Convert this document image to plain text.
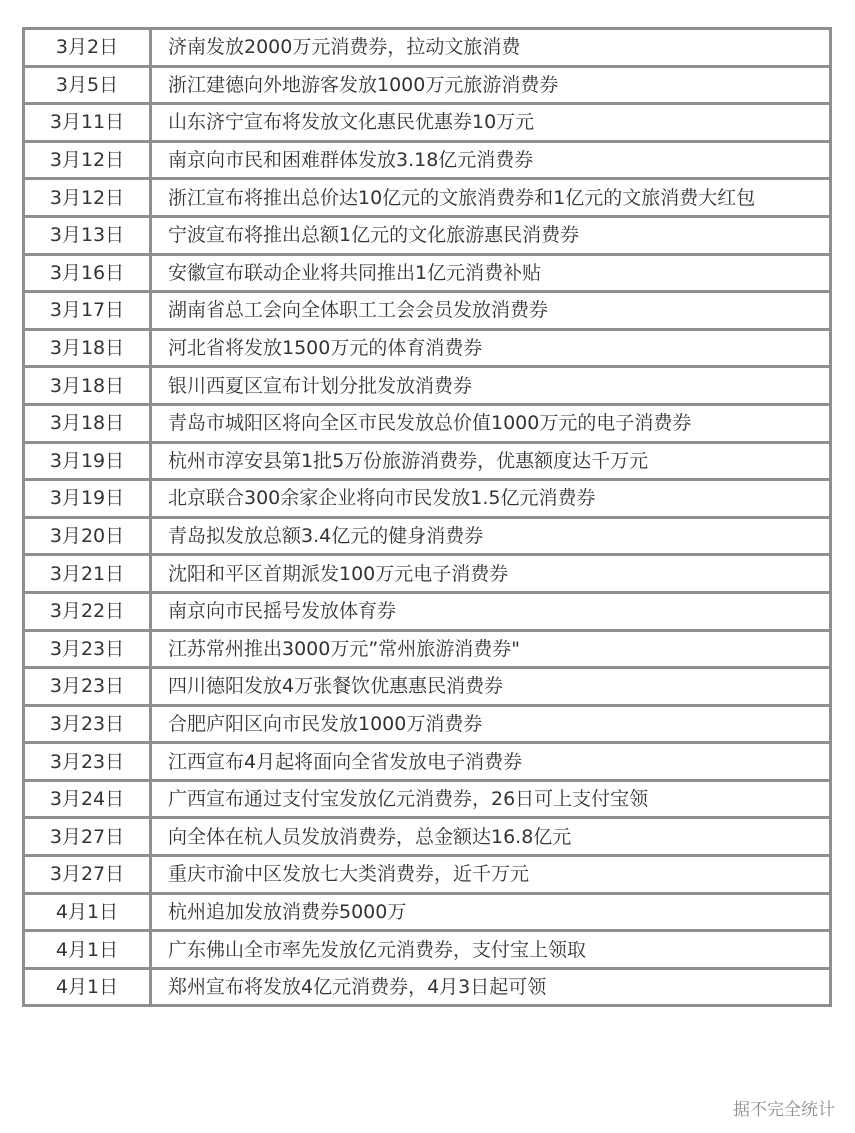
3月2日	济南发放2000万元消费券，拉动文旅消费
3月5日	浙江建德向外地游客发放1000万元旅游消费券
3月11日	山东济宁宣布将发放文化惠民优惠券10万元
3月12日	南京向市民和困难群体发放3.18亿元消费券
3月12日	浙江宣布将推出总价达10亿元的文旅消费券和1亿元的文旅消费大红包
3月13日	宁波宣布将推出总额1亿元的文化旅游惠民消费券
3月16日	安徽宣布联动企业将共同推出1亿元消费补贴
3月17日	湖南省总工会向全体职工工会会员发放消费券
3月18日	河北省将发放1500万元的体育消费券
3月18日	银川西夏区宣布计划分批发放消费券
3月18日	青岛市城阳区将向全区市民发放总价值1000万元的电子消费券
3月19日	杭州市淳安县第1批5万份旅游消费券，优惠额度达千万元
3月19日	北京联合300余家企业将向市民发放1.5亿元消费券
3月20日	青岛拟发放总额3.4亿元的健身消费券
3月21日	沈阳和平区首期派发100万元电子消费券
3月22日	南京向市民摇号发放体育券
3月23日	江苏常州推出3000万元”常州旅游消费券"
3月23日	四川德阳发放4万张餐饮优惠惠民消费券
3月23日	合肥庐阳区向市民发放1000万消费券
3月23日	江西宣布4月起将面向全省发放电子消费券
3月24日	广西宣布通过支付宝发放亿元消费券，26日可上支付宝领
3月27日	向全体在杭人员发放消费券，总金额达16.8亿元
3月27日	重庆市渝中区发放七大类消费券，近千万元
4月1日	杭州追加发放消费券5000万
4月1日	广东佛山全市率先发放亿元消费券，支付宝上领取
4月1日	郑州宣布将发放4亿元消费券，4月3日起可领
据不完全统计
